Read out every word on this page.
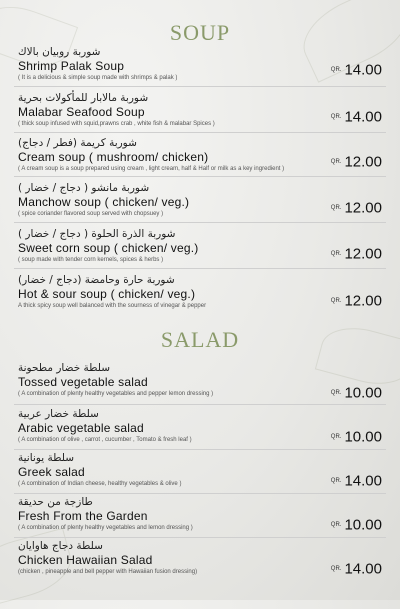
SOUP
شوربة روبيان بالاك
Shrimp Palak Soup
( It is a delicious & simple soup made with shrimps & palak )
QR. 14.00
شوربة مالابار للمأكولات بحرية
Malabar Seafood Soup
( thick soup infused with squid,prawns crab , white fish & malabar Spices )
QR. 14.00
شوربة كريمة (فطر / دجاج)
Cream soup ( mushroom/ chicken)
( A cream soup is a soup prepared using cream , light cream, half & Half or milk as a key ingredient )
QR. 12.00
شوربة مانشو ( دجاج / خضار )
Manchow soup ( chicken/ veg.)
( spice coriander flavored soup served with chopsuey )
QR. 12.00
شوربة الذرة الحلوة ( دجاج / خضار )
Sweet corn soup ( chicken/ veg.)
( soup made with tender corn kernels, spices & herbs )
QR. 12.00
شوربة حارة وحامضة (دجاج / خضار)
Hot & sour soup ( chicken/ veg.)
A thick spicy soup well balanced with the sourness of vinegar & pepper
QR. 12.00
SALAD
سلطة خضار مطحونة
Tossed vegetable salad
( A combination of plenty healthy vegetables and pepper lemon dressing )	QR. 10.00
سلطة خضار عربية
Arabic vegetable salad
( A combination of olive , carrot , cucumber , Tomato & fresh leaf )
QR. 10.00
سلطة يونانية
Greek salad
( A combination of Indian cheese, healthy vegetables & olive )
QR. 14.00
طازجة من حديقة
Fresh From the Garden
( A combination of plenty healthy vegetables and lemon dressing )
QR. 10.00
سلطة دجاج هاوايان
Chicken Hawaiian Salad
(chicken , pineapple and bell pepper with Hawaiian fusion dressing)
QR. 14.00
